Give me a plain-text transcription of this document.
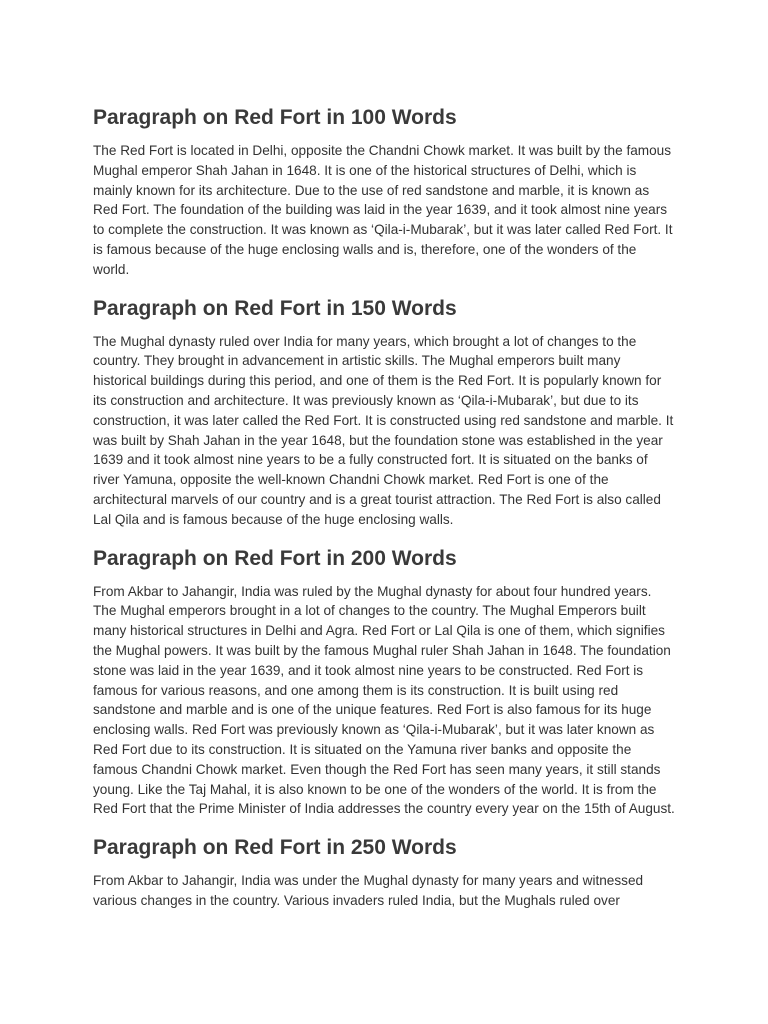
Paragraph on Red Fort in 100 Words

The Red Fort is located in Delhi, opposite the Chandni Chowk market. It was built by the famous Mughal emperor Shah Jahan in 1648. It is one of the historical structures of Delhi, which is mainly known for its architecture. Due to the use of red sandstone and marble, it is known as Red Fort. The foundation of the building was laid in the year 1639, and it took almost nine years to complete the construction. It was known as ‘Qila-i-Mubarak’, but it was later called Red Fort. It is famous because of the huge enclosing walls and is, therefore, one of the wonders of the world.

Paragraph on Red Fort in 150 Words

The Mughal dynasty ruled over India for many years, which brought a lot of changes to the country. They brought in advancement in artistic skills. The Mughal emperors built many historical buildings during this period, and one of them is the Red Fort. It is popularly known for its construction and architecture. It was previously known as ‘Qila-i-Mubarak’, but due to its construction, it was later called the Red Fort. It is constructed using red sandstone and marble. It was built by Shah Jahan in the year 1648, but the foundation stone was established in the year 1639 and it took almost nine years to be a fully constructed fort. It is situated on the banks of river Yamuna, opposite the well-known Chandni Chowk market. Red Fort is one of the architectural marvels of our country and is a great tourist attraction. The Red Fort is also called Lal Qila and is famous because of the huge enclosing walls.

Paragraph on Red Fort in 200 Words

From Akbar to Jahangir, India was ruled by the Mughal dynasty for about four hundred years. The Mughal emperors brought in a lot of changes to the country. The Mughal Emperors built many historical structures in Delhi and Agra. Red Fort or Lal Qila is one of them, which signifies the Mughal powers. It was built by the famous Mughal ruler Shah Jahan in 1648. The foundation stone was laid in the year 1639, and it took almost nine years to be constructed. Red Fort is famous for various reasons, and one among them is its construction. It is built using red sandstone and marble and is one of the unique features. Red Fort is also famous for its huge enclosing walls. Red Fort was previously known as ‘Qila-i-Mubarak’, but it was later known as Red Fort due to its construction. It is situated on the Yamuna river banks and opposite the famous Chandni Chowk market. Even though the Red Fort has seen many years, it still stands young. Like the Taj Mahal, it is also known to be one of the wonders of the world. It is from the Red Fort that the Prime Minister of India addresses the country every year on the 15th of August.

Paragraph on Red Fort in 250 Words

From Akbar to Jahangir, India was under the Mughal dynasty for many years and witnessed various changes in the country. Various invaders ruled India, but the Mughals ruled over
